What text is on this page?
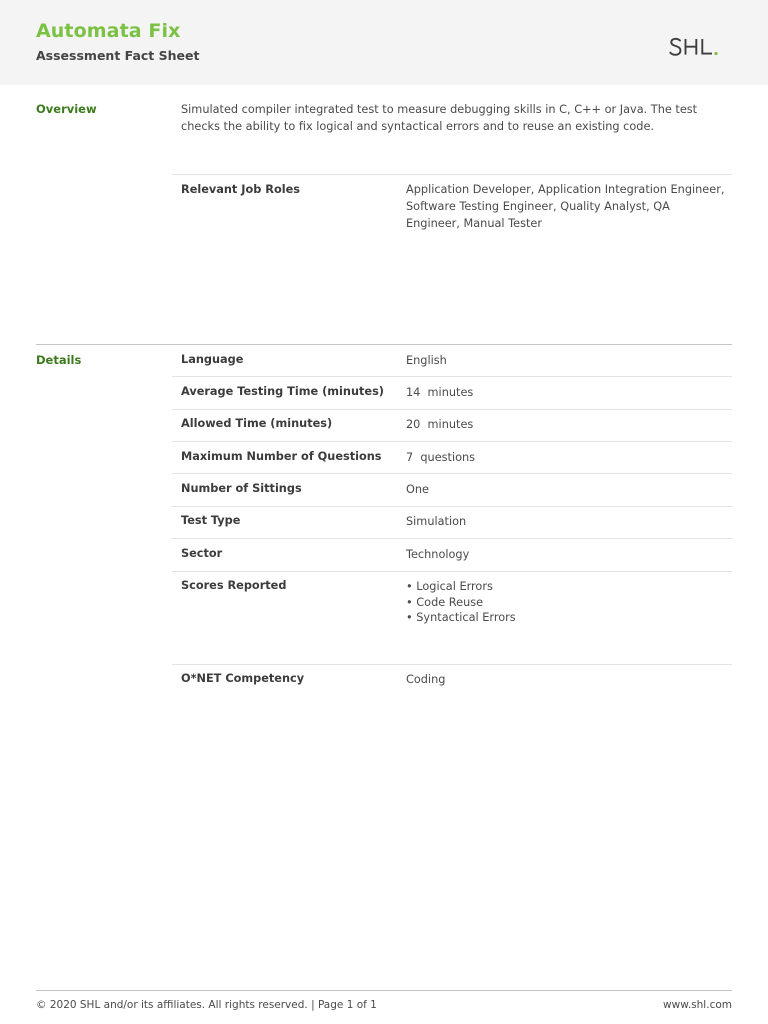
Automata Fix
Assessment Fact Sheet
Overview	Simulated compiler integrated test to measure debugging skills in C, C++ or Java. The test checks the ability to fix logical and syntactical errors and to reuse an existing code.
Relevant Job Roles	Application Developer, Application Integration Engineer, Software Testing Engineer, Quality Analyst, QA Engineer, Manual Tester
Details	Language	English
Average Testing Time (minutes) 14  minutes
Allowed Time (minutes)	20  minutes
Maximum Number of Questions 7  questions
Number of Sittings	One
Test Type	Simulation
Sector	Technology
Scores Reported
•	Logical Errors
• Code Reuse
• Syntactical Errors
O*NET Competency	Coding
© 2020 SHL and/or its affiliates. All rights reserved. | Page 1 of 1	www.shl.com
